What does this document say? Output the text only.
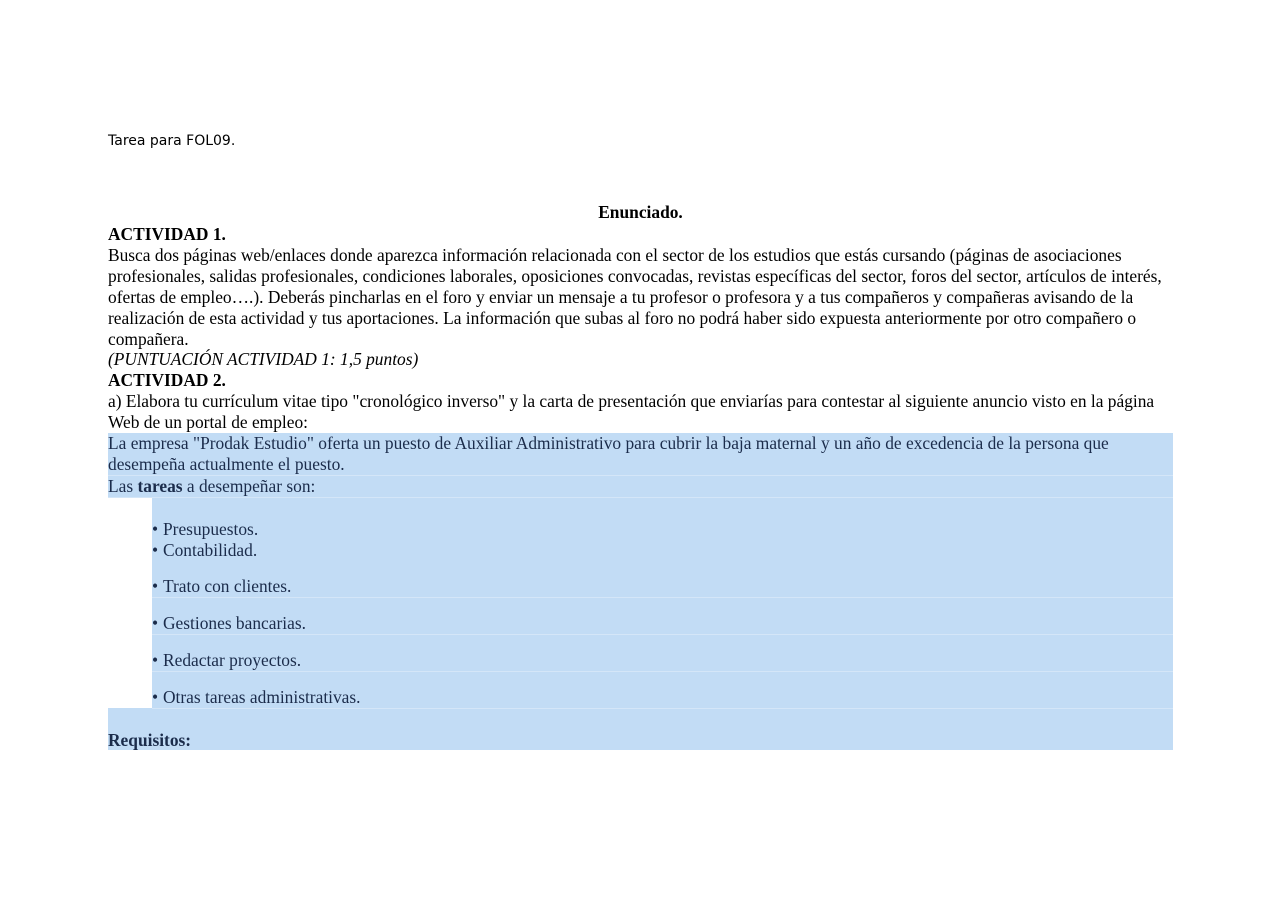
Tarea para FOL09.

Enunciado.

ACTIVIDAD 1.

Busca dos páginas web/enlaces donde aparezca información relacionada con el sector de los estudios que estás cursando (páginas de asociaciones profesionales, salidas profesionales, condiciones laborales, oposiciones convocadas, revistas específicas del sector, foros del sector, artículos de interés, ofertas de empleo….). Deberás pincharlas en el foro y enviar un mensaje a tu profesor o profesora y a tus compañeros y compañeras avisando de la realización de esta actividad y tus aportaciones. La información que subas al foro no podrá haber sido expuesta anteriormente por otro compañero o compañera.

(PUNTUACIÓN ACTIVIDAD 1: 1,5 puntos)

ACTIVIDAD 2.

a) Elabora tu currículum vitae tipo "cronológico inverso" y la carta de presentación que enviarías para contestar al siguiente anuncio visto en la página Web de un portal de empleo:

La empresa "Prodak Estudio" oferta un puesto de Auxiliar Administrativo para cubrir la baja maternal y un año de excedencia de la persona que desempeña actualmente el puesto.

Las tareas a desempeñar son:

• Presupuestos.
• Contabilidad.
• Trato con clientes.
• Gestiones bancarias.
• Redactar proyectos.
• Otras tareas administrativas.

Requisitos:
